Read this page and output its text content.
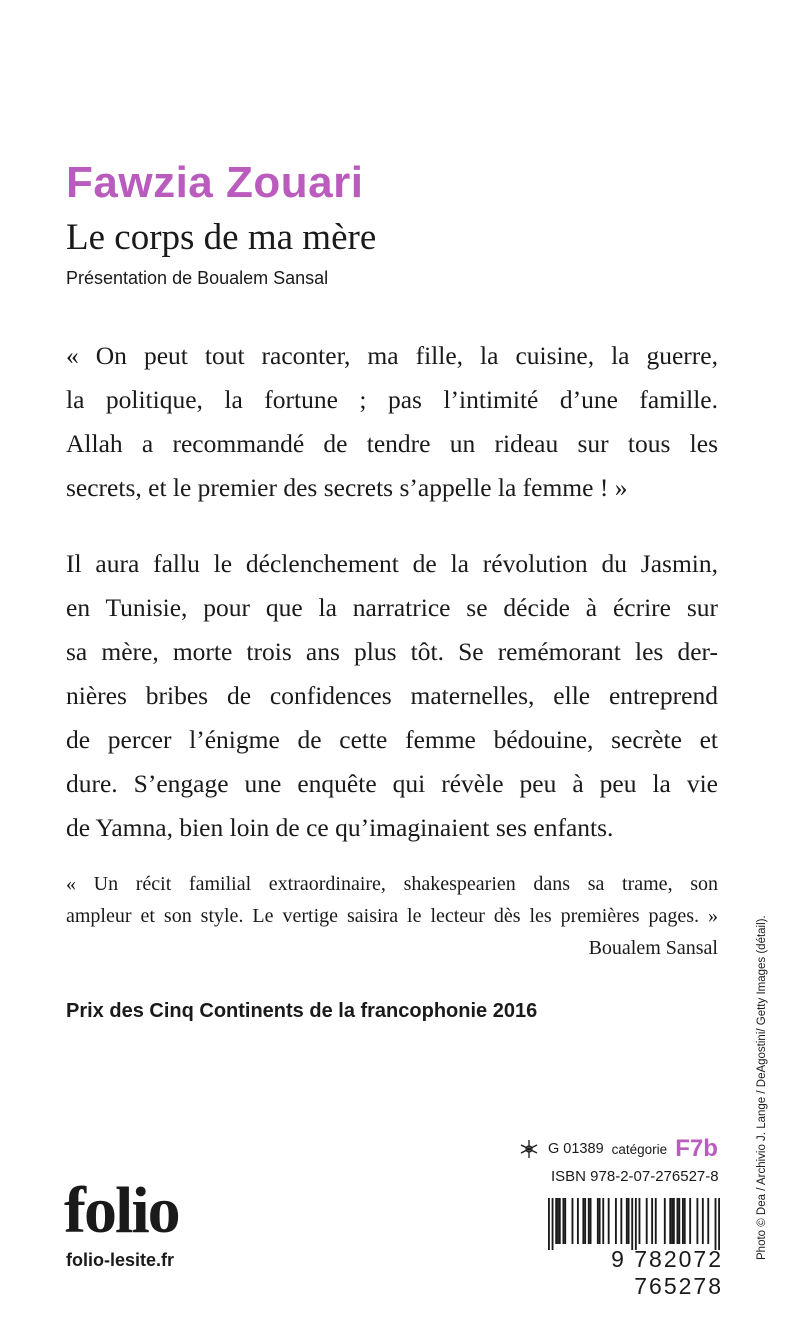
Fawzia Zouari
Le corps de ma mère
Présentation de Boualem Sansal
« On peut tout raconter, ma fille, la cuisine, la guerre,
la politique, la fortune ; pas l’intimité d’une famille.
Allah a recommandé de tendre un rideau sur tous les
secrets, et le premier des secrets s’appelle la femme ! »
Il aura fallu le déclenchement de la révolution du Jasmin,
en Tunisie, pour que la narratrice se décide à écrire sur
sa mère, morte trois ans plus tôt. Se remémorant les der-
nières bribes de confidences maternelles, elle entreprend
de percer l’énigme de cette femme bédouine, secrète et
dure. S’engage une enquête qui révèle peu à peu la vie
de Yamna, bien loin de ce qu’imaginaient ses enfants.
« Un récit familial extraordinaire, shakespearien dans sa trame, son
ampleur et son style. Le vertige saisira le lecteur dès les premières pages. »
Boualem Sansal
Prix des Cinq Continents de la francophonie 2016	Photo © Dea / Archivio J. Lange / DeAgostini/ Getty Images (détail).
G 01389 catégorie F7b
ISBN 978-2-07-276527-8
9 782072 765278
folio
folio-lesite.fr
